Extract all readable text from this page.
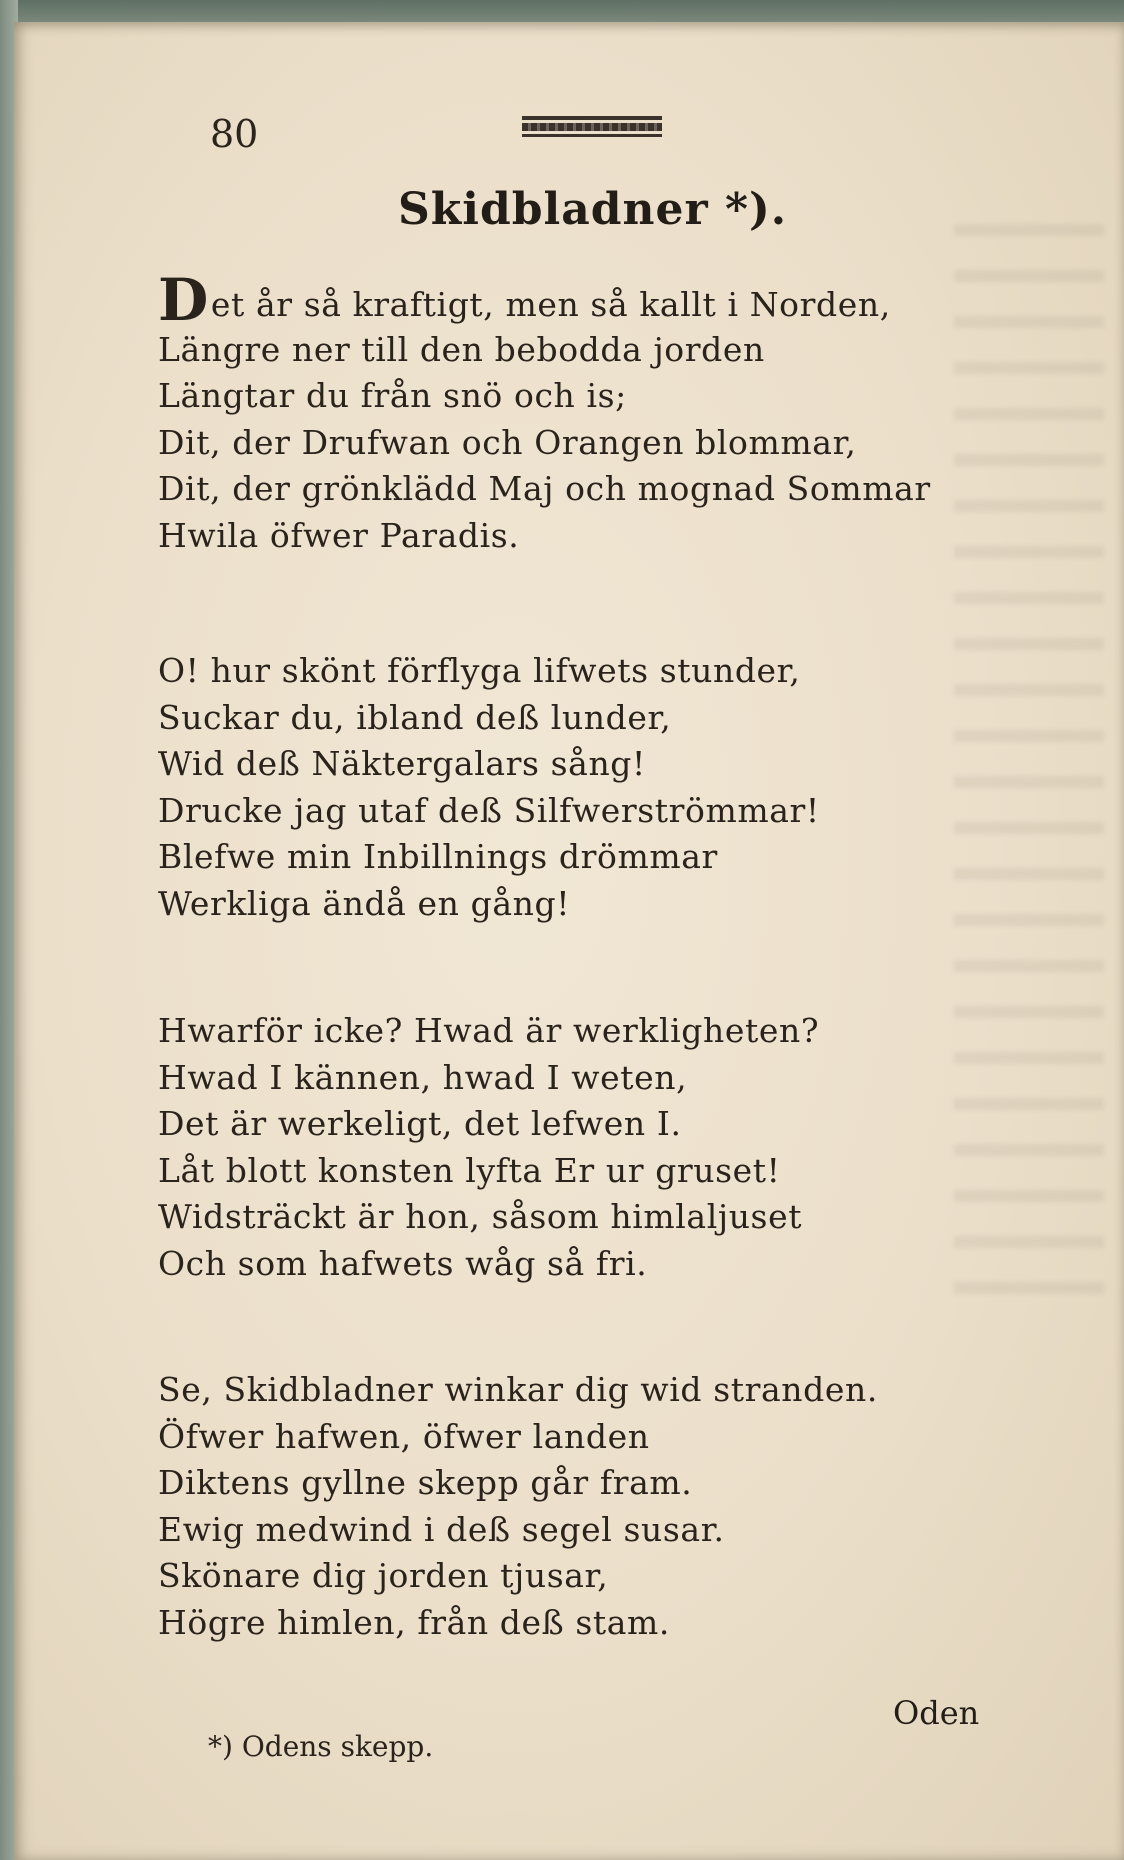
80
Skidbladner *).
Det år så kraftigt, men så kallt i Norden,
Längre ner till den bebodda jorden
Längtar du från snö och is;
Dit, der Drufwan och Orangen blommar,
Dit, der grönklädd Maj och mognad Sommar
Hwila öfwer Paradis.
O! hur skönt förflyga lifwets stunder,
Suckar du, ibland deß lunder,
Wid deß Näktergalars sång!
Drucke jag utaf deß Silfwerströmmar!
Blefwe min Inbillnings drömmar
Werkliga ändå en gång!
Hwarför icke? Hwad är werkligheten?
Hwad I kännen, hwad I weten,
Det är werkeligt, det lefwen I.
Låt blott konsten lyfta Er ur gruset!
Widsträckt är hon, såsom himlaljuset
Och som hafwets wåg så fri.
Se, Skidbladner winkar dig wid stranden.
Öfwer hafwen, öfwer landen
Diktens gyllne skepp går fram.
Ewig medwind i deß segel susar.
Skönare dig jorden tjusar,
Högre himlen, från deß stam.
Oden
*) Odens skepp.
